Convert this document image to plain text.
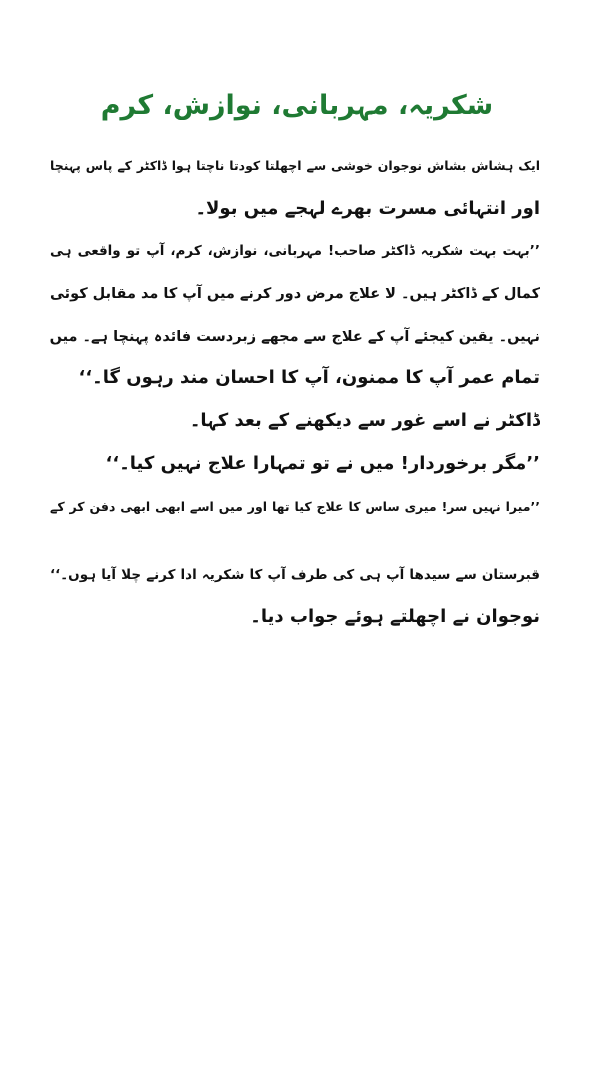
شکریہ، مہربانی، نوازش، کرم

ایک ہشاش بشاش نوجوان خوشی سے اچھلتا کودتا ناچتا ہوا ڈاکٹر کے پاس پہنچا

اور انتہائی مسرت بھرے لہجے میں بولا۔

’’بہت بہت شکریہ ڈاکٹر صاحب! مہربانی، نوازش، کرم، آپ تو واقعی ہی

کمال کے ڈاکٹر ہیں۔ لا علاج مرض دور کرنے میں آپ کا مد مقابل کوئی

نہیں۔ یقین کیجئے آپ کے علاج سے مجھے زبردست فائدہ پہنچا ہے۔ میں

تمام عمر آپ کا ممنون، آپ کا احسان مند رہوں گا۔‘‘

ڈاکٹر نے اسے غور سے دیکھنے کے بعد کہا۔

’’مگر برخوردار! میں نے تو تمہارا علاج نہیں کیا۔‘‘

’’میرا نہیں سر! میری ساس کا علاج کیا تھا اور میں اسے ابھی ابھی دفن کر کے

قبرستان سے سیدھا آپ ہی کی طرف آپ کا شکریہ ادا کرنے چلا آیا ہوں۔‘‘

نوجوان نے اچھلتے ہوئے جواب دیا۔
